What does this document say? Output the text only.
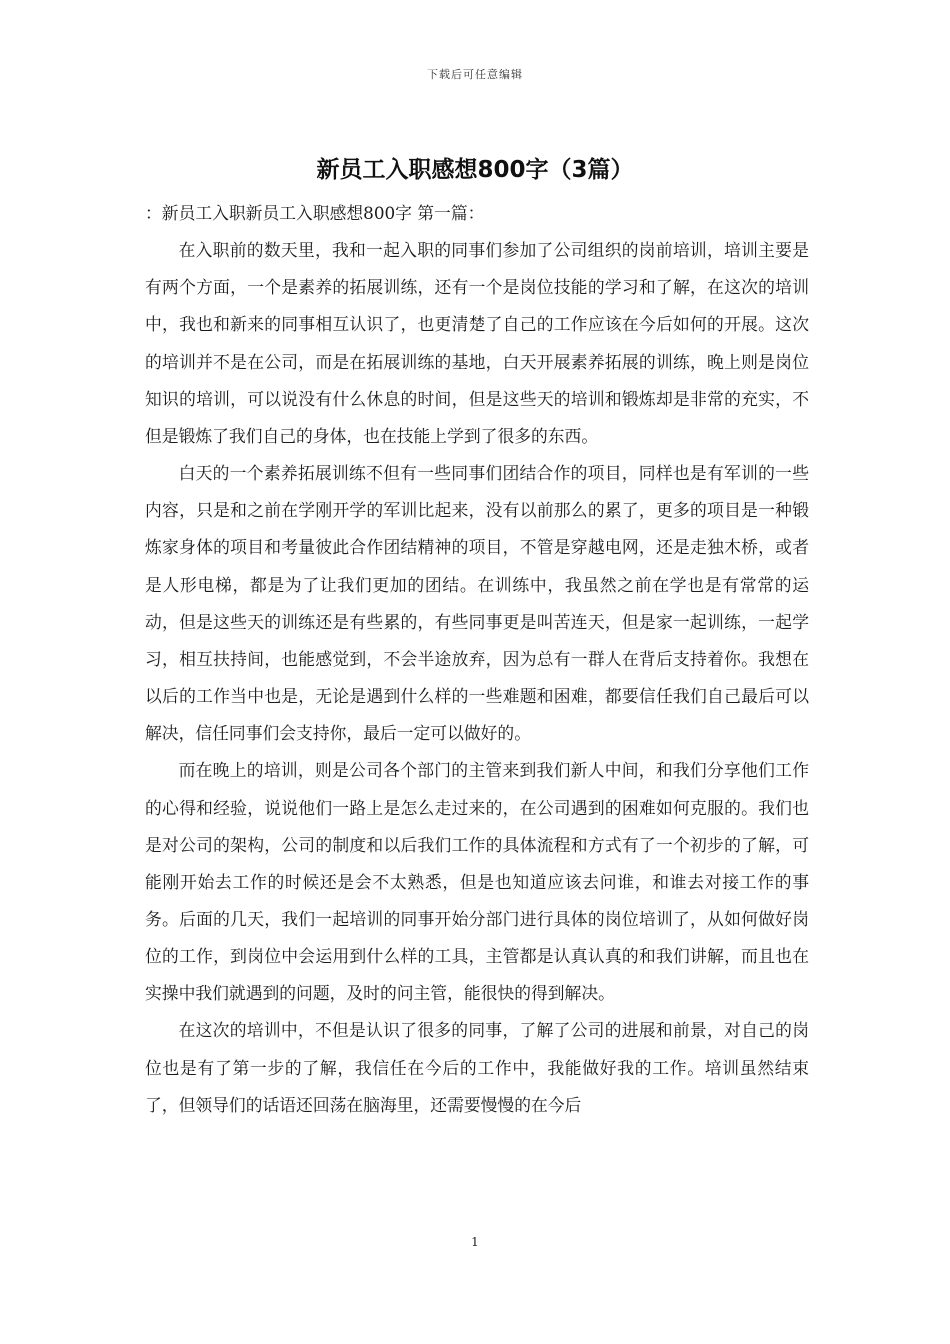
下载后可任意编辑
新员工入职感想800字（3篇）

：新员工入职新员工入职感想800字 第一篇：

在入职前的数天里，我和一起入职的同事们参加了公司组织的岗前培训，培训主要是有两个方面，一个是素养的拓展训练，还有一个是岗位技能的学习和了解，在这次的培训中，我也和新来的同事相互认识了，也更清楚了自己的工作应该在今后如何的开展。这次的培训并不是在公司，而是在拓展训练的基地，白天开展素养拓展的训练，晚上则是岗位知识的培训，可以说没有什么休息的时间，但是这些天的培训和锻炼却是非常的充实，不但是锻炼了我们自己的身体，也在技能上学到了很多的东西。

白天的一个素养拓展训练不但有一些同事们团结合作的项目，同样也是有军训的一些内容，只是和之前在学刚开学的军训比起来，没有以前那么的累了，更多的项目是一种锻炼家身体的项目和考量彼此合作团结精神的项目，不管是穿越电网，还是走独木桥，或者是人形电梯，都是为了让我们更加的团结。在训练中，我虽然之前在学也是有常常的运动，但是这些天的训练还是有些累的，有些同事更是叫苦连天，但是家一起训练，一起学习，相互扶持间，也能感觉到，不会半途放弃，因为总有一群人在背后支持着你。我想在以后的工作当中也是，无论是遇到什么样的一些难题和困难，都要信任我们自己最后可以解决，信任同事们会支持你，最后一定可以做好的。

而在晚上的培训，则是公司各个部门的主管来到我们新人中间，和我们分享他们工作的心得和经验，说说他们一路上是怎么走过来的，在公司遇到的困难如何克服的。我们也是对公司的架构，公司的制度和以后我们工作的具体流程和方式有了一个初步的了解，可能刚开始去工作的时候还是会不太熟悉，但是也知道应该去问谁，和谁去对接工作的事务。后面的几天，我们一起培训的同事开始分部门进行具体的岗位培训了，从如何做好岗位的工作，到岗位中会运用到什么样的工具，主管都是认真认真的和我们讲解，而且也在实操中我们就遇到的问题，及时的问主管，能很快的得到解决。

在这次的培训中，不但是认识了很多的同事，了解了公司的进展和前景，对自己的岗位也是有了第一步的了解，我信任在今后的工作中，我能做好我的工作。培训虽然结束了，但领导们的话语还回荡在脑海里，还需要慢慢的在今后

1
